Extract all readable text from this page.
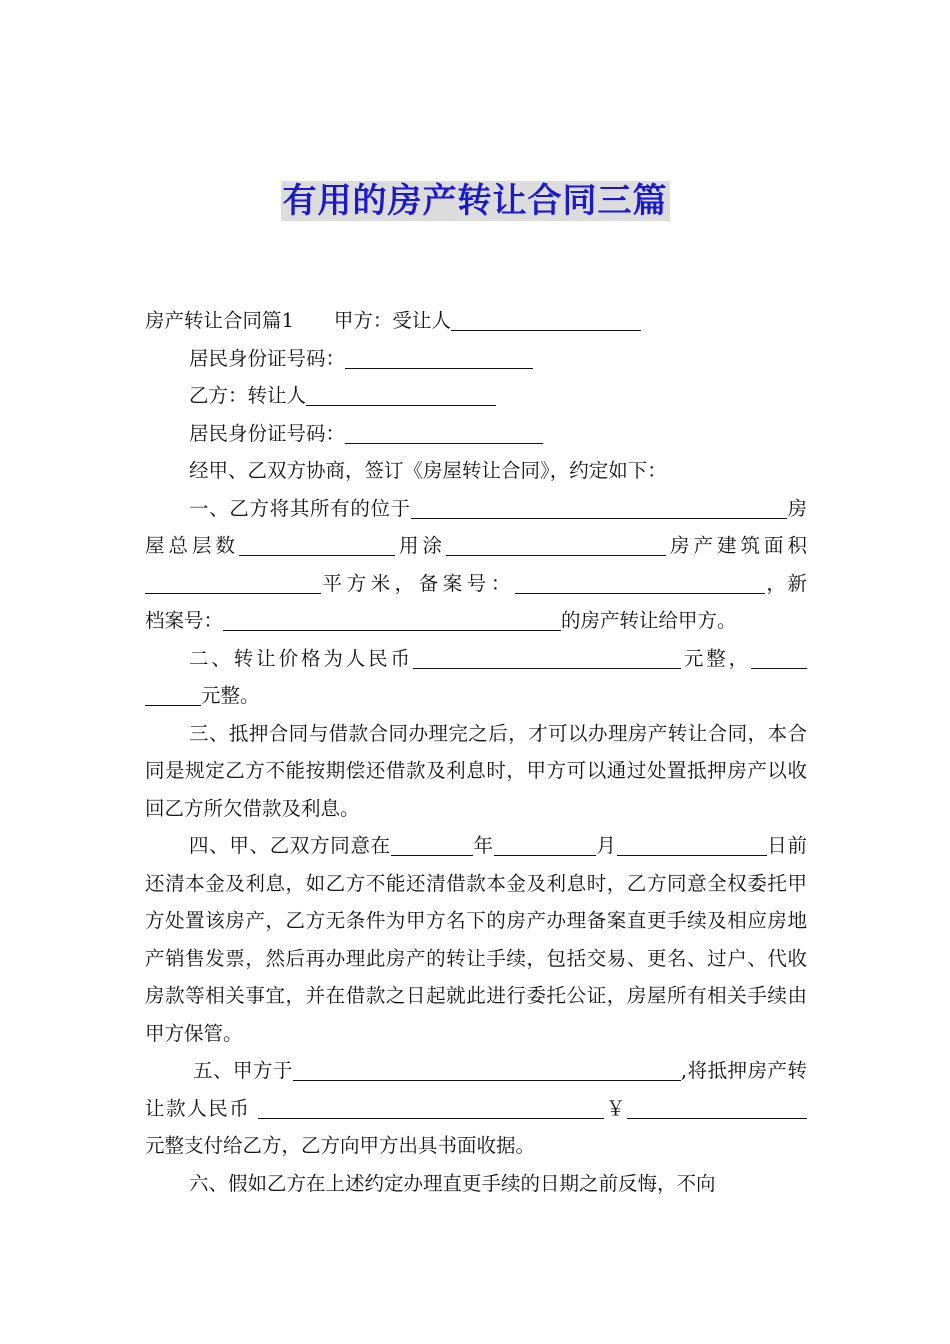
有用的房产转让合同三篇

房产转让合同篇1 甲方：受让人

居民身份证号码：

乙方：转让人

居民身份证号码：

经甲、乙双方协商，签订《房屋转让合同》，约定如下：

一、乙方将其所有的位于	房屋总层数	用涂	房产建筑面积平方米，备案号：	，新档案号：	的房产转让给甲方。

二、转让价格为人民币	元整，元整。

三、抵押合同与借款合同办理完之后，才可以办理房产转让合同，本合同是规定乙方不能按期偿还借款及利息时，甲方可以通过处置抵押房产以收回乙方所欠借款及利息。

四、甲、乙双方同意在	年	月	日前还清本金及利息，如乙方不能还清借款本金及利息时，乙方同意全权委托甲方处置该房产，乙方无条件为甲方名下的房产办理备案直更手续及相应房地产销售发票，然后再办理此房产的转让手续，包括交易、更名、过户、代收房款等相关事宜，并在借款之日起就此进行委托公证，房屋所有相关手续由甲方保管。

五、甲方于	,将抵押房产转让款人民币	￥元整支付给乙方，乙方向甲方出具书面收据。

六、假如乙方在上述约定办理直更手续的日期之前反悔，不向
